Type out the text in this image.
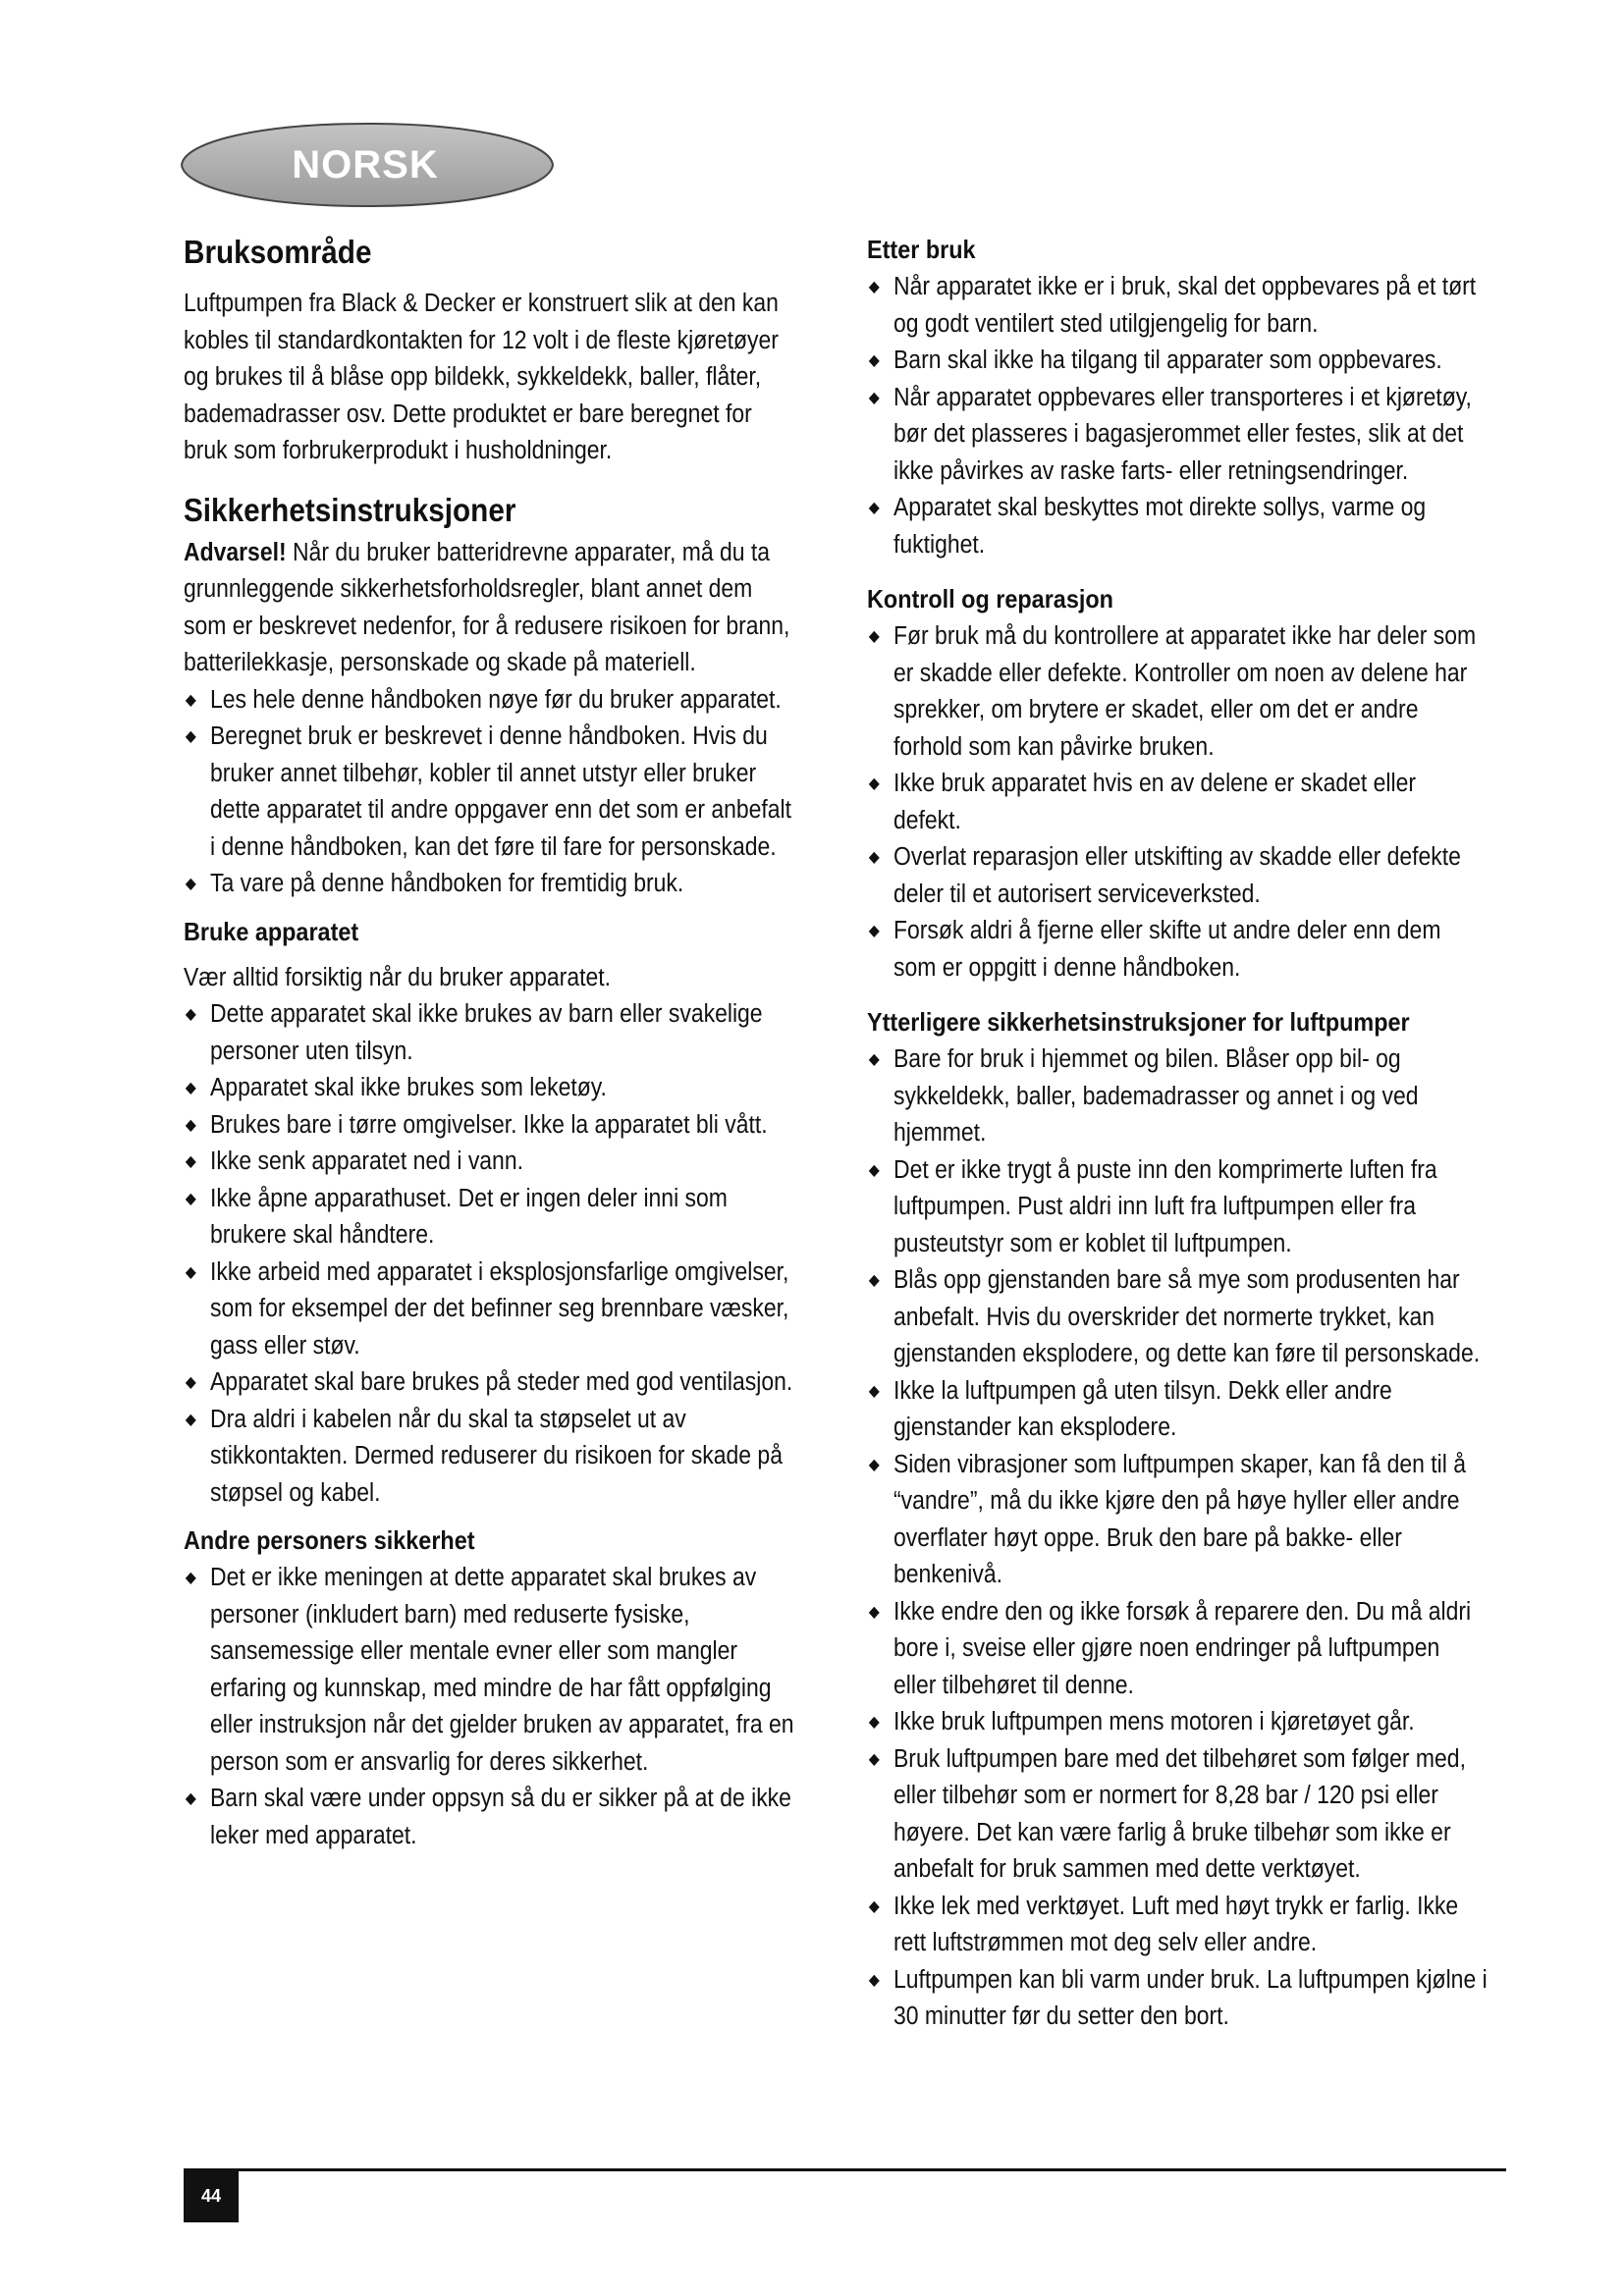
NORSK
Bruksområde

Luftpumpen fra Black & Decker er konstruert slik at den kan kobles til standardkontakten for 12 volt i de fleste kjøretøyer og brukes til å blåse opp bildekk, sykkeldekk, baller, flåter, bademadrasser osv. Dette produktet er bare beregnet for bruk som forbrukerprodukt i husholdninger.

Sikkerhetsinstruksjoner

Advarsel! Når du bruker batteridrevne apparater, må du ta grunnleggende sikkerhetsforholdsregler, blant annet dem som er beskrevet nedenfor, for å redusere risikoen for brann, batterilekkasje, personskade og skade på materiell.

◆ Les hele denne håndboken nøye før du bruker apparatet.
◆ Beregnet bruk er beskrevet i denne håndboken. Hvis du bruker annet tilbehør, kobler til annet utstyr eller bruker dette apparatet til andre oppgaver enn det som er anbefalt i denne håndboken, kan det føre til fare for personskade.
◆ Ta vare på denne håndboken for fremtidig bruk.
Bruke apparatet

Vær alltid forsiktig når du bruker apparatet.

◆ Dette apparatet skal ikke brukes av barn eller svakelige personer uten tilsyn.
◆ Apparatet skal ikke brukes som leketøy.
◆ Brukes bare i tørre omgivelser. Ikke la apparatet bli vått.
◆ Ikke senk apparatet ned i vann.
◆ Ikke åpne apparathuset. Det er ingen deler inni som brukere skal håndtere.
◆ Ikke arbeid med apparatet i eksplosjonsfarlige omgivelser, som for eksempel der det befinner seg brennbare væsker, gass eller støv.
◆ Apparatet skal bare brukes på steder med god ventilasjon.
◆ Dra aldri i kabelen når du skal ta støpselet ut av stikkontakten. Dermed reduserer du risikoen for skade på støpsel og kabel.
Andre personers sikkerhet
◆ Det er ikke meningen at dette apparatet skal brukes av personer (inkludert barn) med reduserte fysiske, sansemessige eller mentale evner eller som mangler erfaring og kunnskap, med mindre de har fått oppfølging eller instruksjon når det gjelder bruken av apparatet, fra en person som er ansvarlig for deres sikkerhet.
◆ Barn skal være under oppsyn så du er sikker på at de ikke leker med apparatet.
Etter bruk
◆ Når apparatet ikke er i bruk, skal det oppbevares på et tørt og godt ventilert sted utilgjengelig for barn.
◆ Barn skal ikke ha tilgang til apparater som oppbevares.
◆ Når apparatet oppbevares eller transporteres i et kjøretøy, bør det plasseres i bagasjerommet eller festes, slik at det ikke påvirkes av raske farts- eller retningsendringer.
◆ Apparatet skal beskyttes mot direkte sollys, varme og fuktighet.
Kontroll og reparasjon
◆ Før bruk må du kontrollere at apparatet ikke har deler som er skadde eller defekte. Kontroller om noen av delene har sprekker, om brytere er skadet, eller om det er andre forhold som kan påvirke bruken.
◆ Ikke bruk apparatet hvis en av delene er skadet eller defekt.
◆ Overlat reparasjon eller utskifting av skadde eller defekte deler til et autorisert serviceverksted.
◆ Forsøk aldri å fjerne eller skifte ut andre deler enn dem som er oppgitt i denne håndboken.
Ytterligere sikkerhetsinstruksjoner for luftpumper
◆ Bare for bruk i hjemmet og bilen. Blåser opp bil- og sykkeldekk, baller, bademadrasser og annet i og ved hjemmet.
◆ Det er ikke trygt å puste inn den komprimerte luften fra luftpumpen. Pust aldri inn luft fra luftpumpen eller fra pusteutstyr som er koblet til luftpumpen.
◆ Blås opp gjenstanden bare så mye som produsenten har anbefalt. Hvis du overskrider det normerte trykket, kan gjenstanden eksplodere, og dette kan føre til personskade.
◆ Ikke la luftpumpen gå uten tilsyn. Dekk eller andre gjenstander kan eksplodere.
◆ Siden vibrasjoner som luftpumpen skaper, kan få den til å “vandre”, må du ikke kjøre den på høye hyller eller andre overflater høyt oppe. Bruk den bare på bakke- eller benkenivå.
◆ Ikke endre den og ikke forsøk å reparere den. Du må aldri bore i, sveise eller gjøre noen endringer på luftpumpen eller tilbehøret til denne.
◆ Ikke bruk luftpumpen mens motoren i kjøretøyet går.
◆ Bruk luftpumpen bare med det tilbehøret som følger med, eller tilbehør som er normert for 8,28 bar / 120 psi eller høyere. Det kan være farlig å bruke tilbehør som ikke er anbefalt for bruk sammen med dette verktøyet.
◆ Ikke lek med verktøyet. Luft med høyt trykk er farlig. Ikke rett luftstrømmen mot deg selv eller andre.
◆ Luftpumpen kan bli varm under bruk. La luftpumpen kjølne i 30 minutter før du setter den bort.
44
